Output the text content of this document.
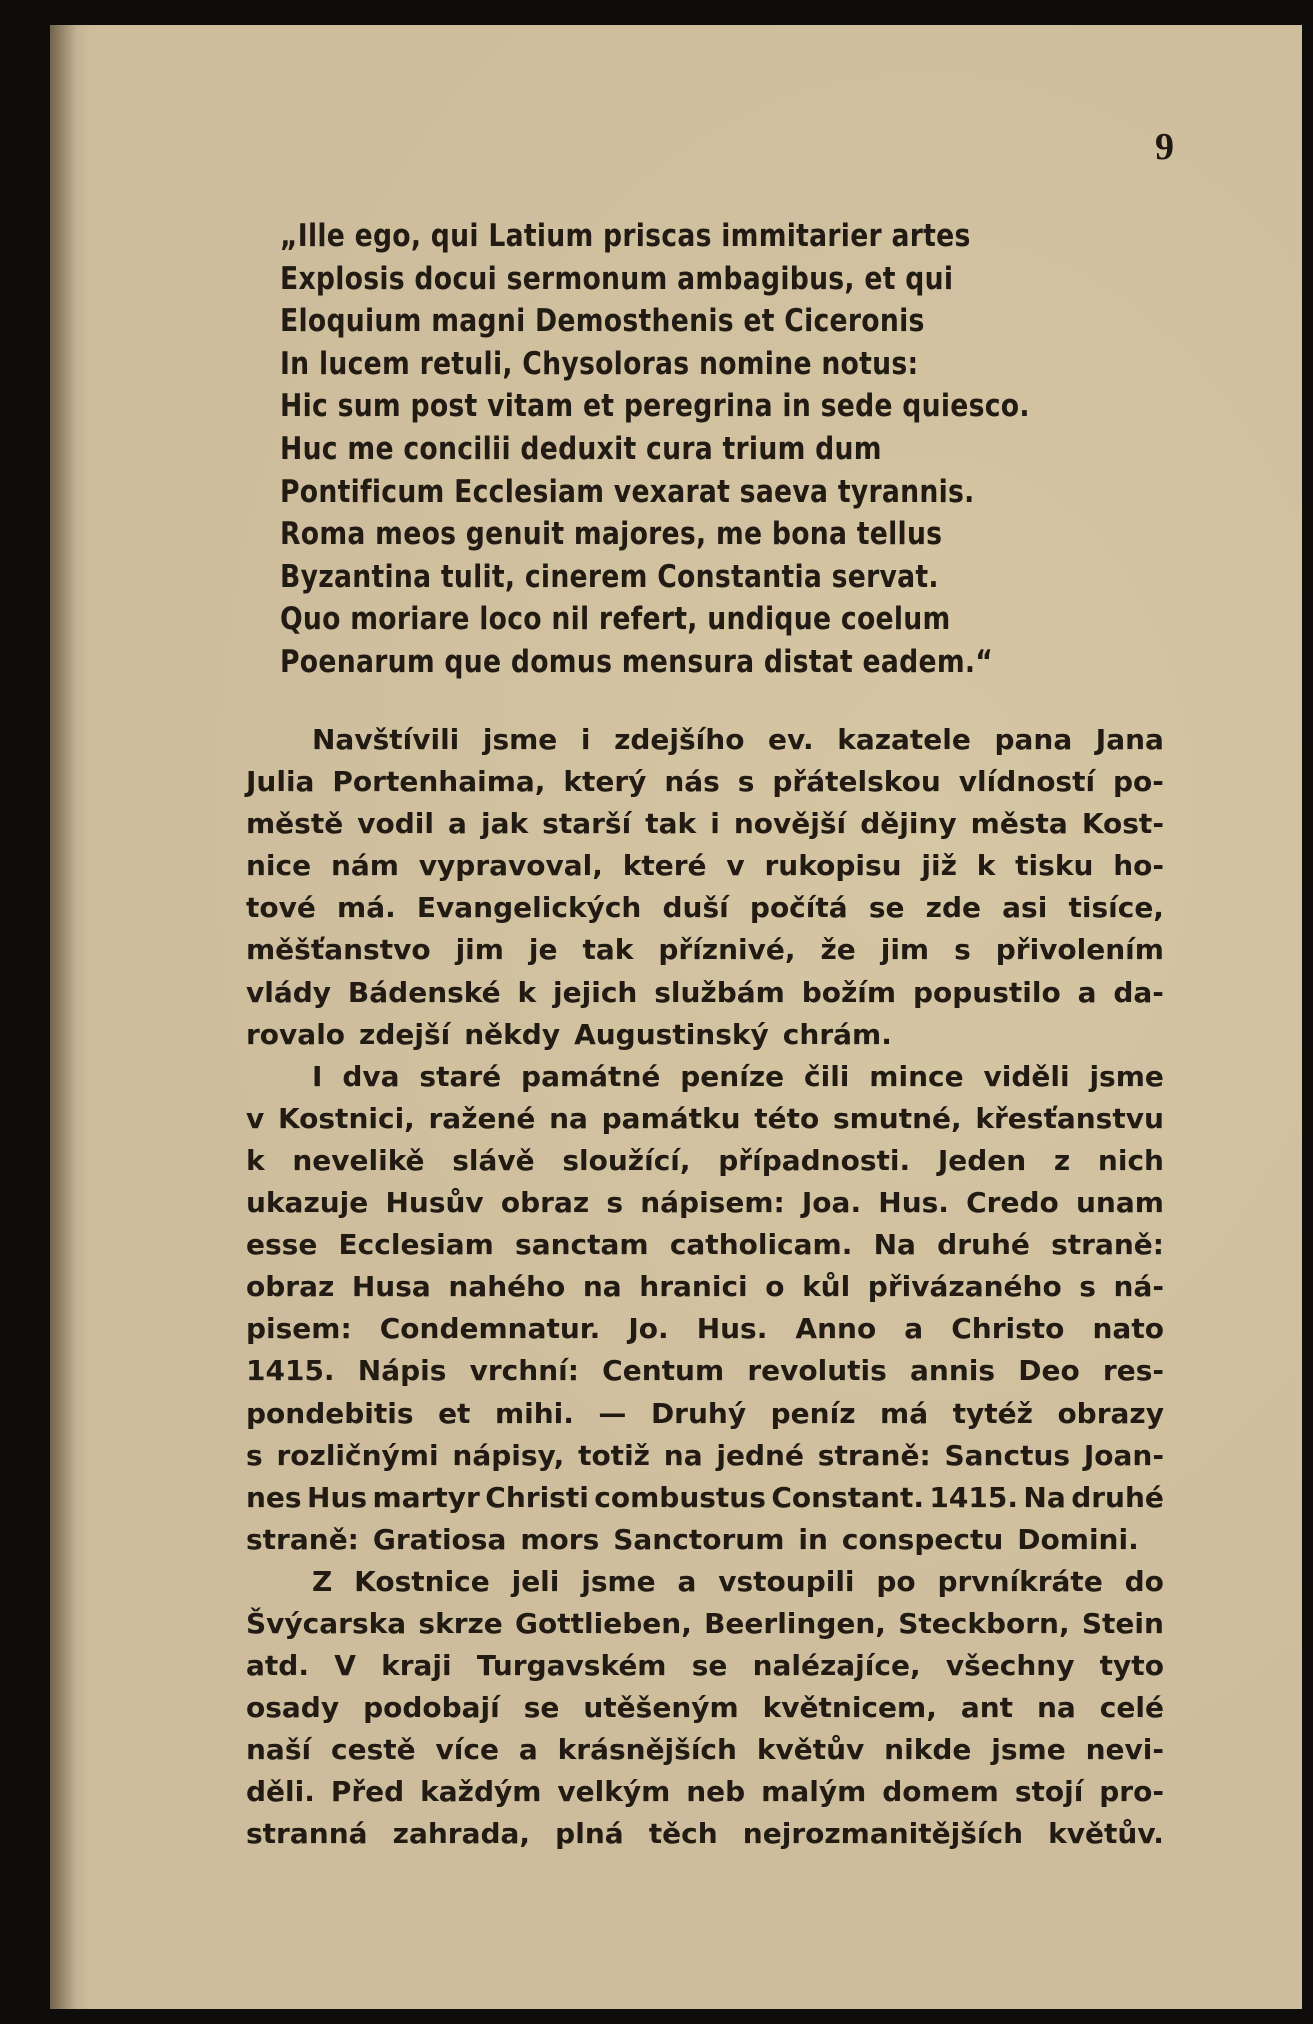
9
„Ille ego, qui Latium priscas immitarier artes
Explosis docui sermonum ambagibus, et qui
Eloquium magni Demosthenis et Ciceronis
In lucem retuli, Chysoloras nomine notus:
Hic sum post vitam et peregrina in sede quiesco.
Huc me concilii deduxit cura trium dum
Pontificum Ecclesiam vexarat saeva tyrannis.
Roma meos genuit majores, me bona tellus
Byzantina tulit, cinerem Constantia servat.
Quo moriare loco nil refert, undique coelum
Poenarum que domus mensura distat eadem.“
Navštívili jsme i zdejšího ev. kazatele pana Jana
Julia Portenhaima, který nás s přátelskou vlídností po-
městě vodil a jak starší tak i novější dějiny města Kost-
nice nám vypravoval, které v rukopisu již k tisku ho-
tové má. Evangelických duší počítá se zde asi tisíce,
měšťanstvo jim je tak příznivé, že jim s přivolením
vlády Bádenské k jejich službám božím popustilo a da-
rovalo zdejší někdy Augustinský chrám.
I dva staré památné peníze čili mince viděli jsme
v Kostnici, ražené na památku této smutné, křesťanstvu
k nevelikě slávě sloužící, případnosti. Jeden z nich
ukazuje Husův obraz s nápisem: Joa. Hus. Credo unam
esse Ecclesiam sanctam catholicam. Na druhé straně:
obraz Husa nahého na hranici o kůl přivázaného s ná-
pisem: Condemnatur. Jo. Hus. Anno a Christo nato
1415. Nápis vrchní: Centum revolutis annis Deo res-
pondebitis et mihi. — Druhý peníz má tytéž obrazy
s rozličnými nápisy, totiž na jedné straně: Sanctus Joan-
nes Hus martyr Christi combustus Constant. 1415. Na druhé
straně: Gratiosa mors Sanctorum in conspectu Domini.
Z Kostnice jeli jsme a vstoupili po prvníkráte do
Švýcarska skrze Gottlieben, Beerlingen, Steckborn, Stein
atd. V kraji Turgavském se nalézajíce, všechny tyto
osady podobají se utěšeným květnicem, ant na celé
naší cestě více a krásnějších květův nikde jsme nevi-
děli. Před každým velkým neb malým domem stojí pro-
stranná zahrada, plná těch nejrozmanitějších květův.
